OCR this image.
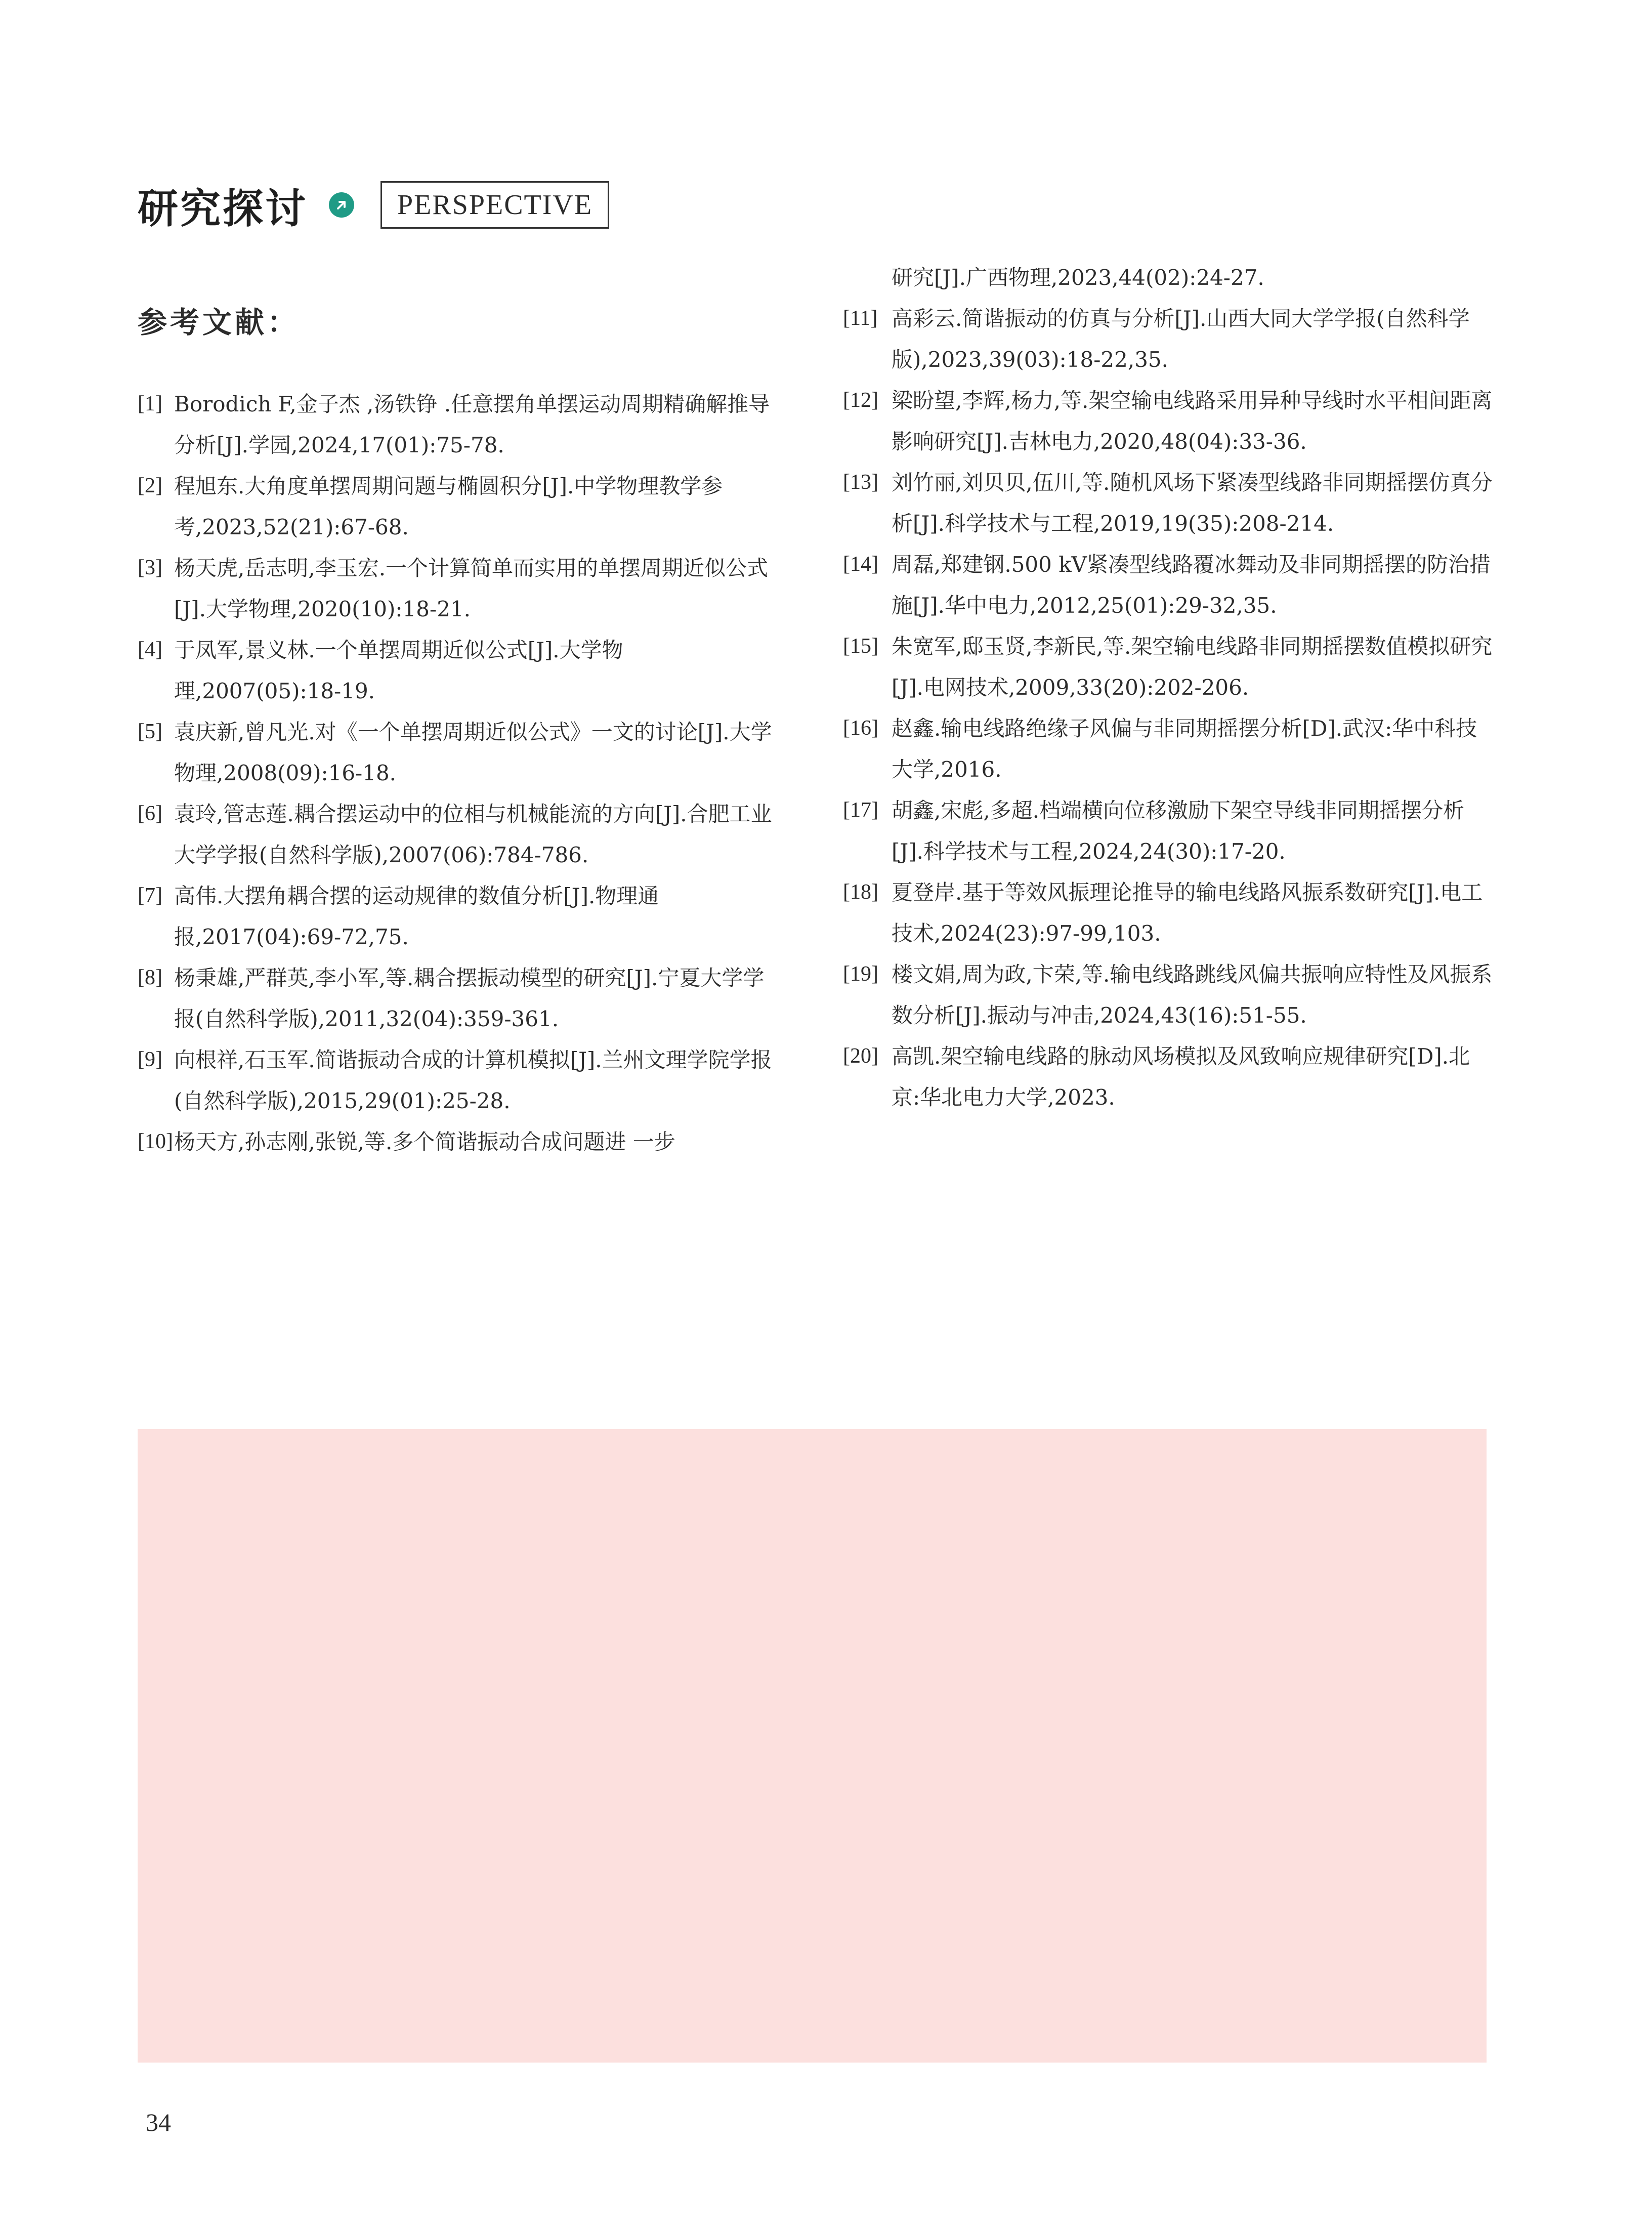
研究探讨	PERSPECTIVE
参考文献：
[1] Borodich F,金子杰 ,汤铁铮 .任意摆角单摆运动周期精确解推导分析[J].学园,2024,17(01):75-78.
[2] 程旭东.大角度单摆周期问题与椭圆积分[J].中学物理教学参考,2023,52(21):67-68.
[3] 杨天虎,岳志明,李玉宏.一个计算简单而实用的单摆周期近似公式[J].大学物理,2020(10):18-21.
[4] 于凤军,景义林.一个单摆周期近似公式[J].大学物理,2007(05):18-19.
[5] 袁庆新,曾凡光.对《一个单摆周期近似公式》一文的讨论[J].大学物理,2008(09):16-18.
[6] 袁玲,管志莲.耦合摆运动中的位相与机械能流的方向[J].合肥工业大学学报(自然科学版),2007(06):784-786.
[7] 高伟.大摆角耦合摆的运动规律的数值分析[J].物理通报,2017(04):69-72,75.
[8] 杨秉雄,严群英,李小军,等.耦合摆振动模型的研究[J].宁夏大学学报(自然科学版),2011,32(04):359-361.
[9] 向根祥,石玉军.简谐振动合成的计算机模拟[J].兰州文理学院学报(自然科学版),2015,29(01):25-28.
[10] 杨天方,孙志刚,张锐,等.多个简谐振动合成问题进 一步
研究[J].广西物理,2023,44(02):24-27.
[11] 高彩云.简谐振动的仿真与分析[J].山西大同大学学报(自然科学版),2023,39(03):18-22,35.
[12] 梁盼望,李辉,杨力,等.架空输电线路采用异种导线时水平相间距离影响研究[J].吉林电力,2020,48(04):33-36.
[13] 刘竹丽,刘贝贝,伍川,等.随机风场下紧凑型线路非同期摇摆仿真分析[J].科学技术与工程,2019,19(35):208-214.
[14] 周磊,郑建钢.500 kV紧凑型线路覆冰舞动及非同期摇摆的防治措施[J].华中电力,2012,25(01):29-32,35.
[15] 朱宽军,邸玉贤,李新民,等.架空输电线路非同期摇摆数值模拟研究[J].电网技术,2009,33(20):202-206.
[16] 赵鑫.输电线路绝缘子风偏与非同期摇摆分析[D].武汉:华中科技大学,2016.
[17] 胡鑫,宋彪,多超.档端横向位移激励下架空导线非同期摇摆分析[J].科学技术与工程,2024,24(30):17-20.
[18] 夏登岸.基于等效风振理论推导的输电线路风振系数研究[J].电工技术,2024(23):97-99,103.
[19] 楼文娟,周为政,卞荣,等.输电线路跳线风偏共振响应特性及风振系数分析[J].振动与冲击,2024,43(16):51-55.
[20] 高凯.架空输电线路的脉动风场模拟及风致响应规律研究[D].北京:华北电力大学,2023.
34
